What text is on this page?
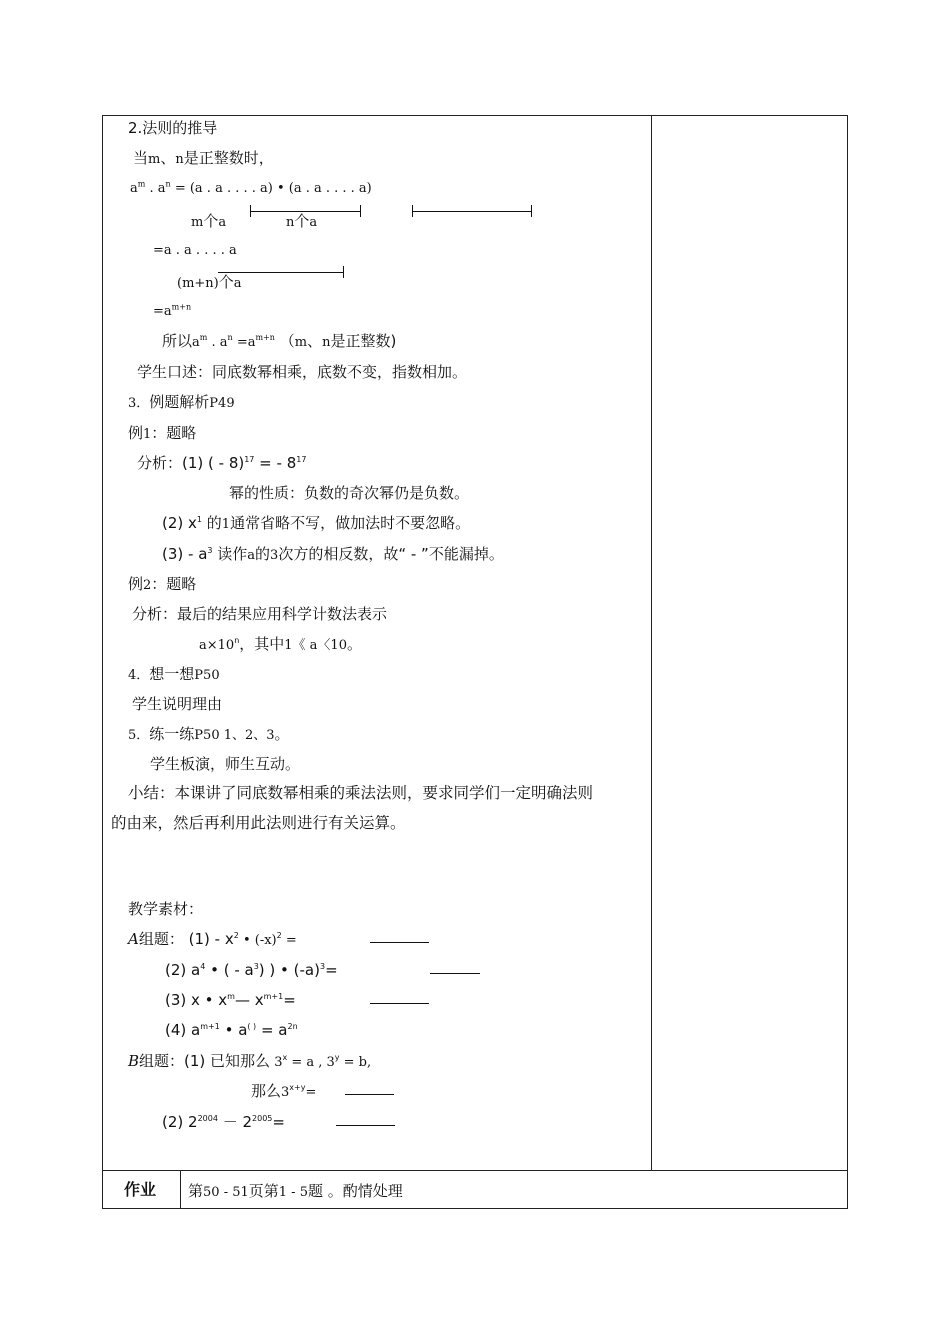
2.法则的推导
当m、n是正整数时，
$a^m$ . $a^n = (a$ . a . . . . a) • (a . a . . . . a)
m个a	n个a
=a . a . . . . a
(m+n)个a
$=a^{m+n}$
所以$a^m$ . $a^n =a^{m+n}$ （m、n是正整数)
学生口述：同底数幂相乘，底数不变，指数相加。
3．例题解析P49
例1：题略
分析：(1) ( - 8)$^{17}$ = - $8^{17}$
幂的性质：负数的奇次幂仍是负数。
(2) $x^1$ 的1通常省略不写，做加法时不要忽略。
$(3) - a^3$ 读作a的3次方的相反数，故“ - ”不能漏掉。
例2：题略
分析：最后的结果应用科学计数法表示
$a\times 10^n$，其中1《 a〈10。
4．想一想P50
学生说明理由
5．练一练P50 1、2、3。
学生板演，师生互动。
小结：本课讲了同底数幂相乘的乘法法则，要求同学们一定明确法则
的由来，然后再利用此法则进行有关运算。
教学素材：
A组题： $(1) - x^2$ • $(-x)^2$ =
(2) $a^4$ • ( - $a^3$) ) • $(-a)^3=$
(3) x • $x^m—$ $x^{m+1}=$
(4) $a^{m+1}$ • $a^{( )} = a^{2n}$
B组题：(1) 已知那么 $3^x = a$ , $3^y = b$,
那么$3^{x+y}=$
(2) $2^{2004} - 2^{2005}=$
作业 第50 - 51页第1 - 5题 。酌情处理
